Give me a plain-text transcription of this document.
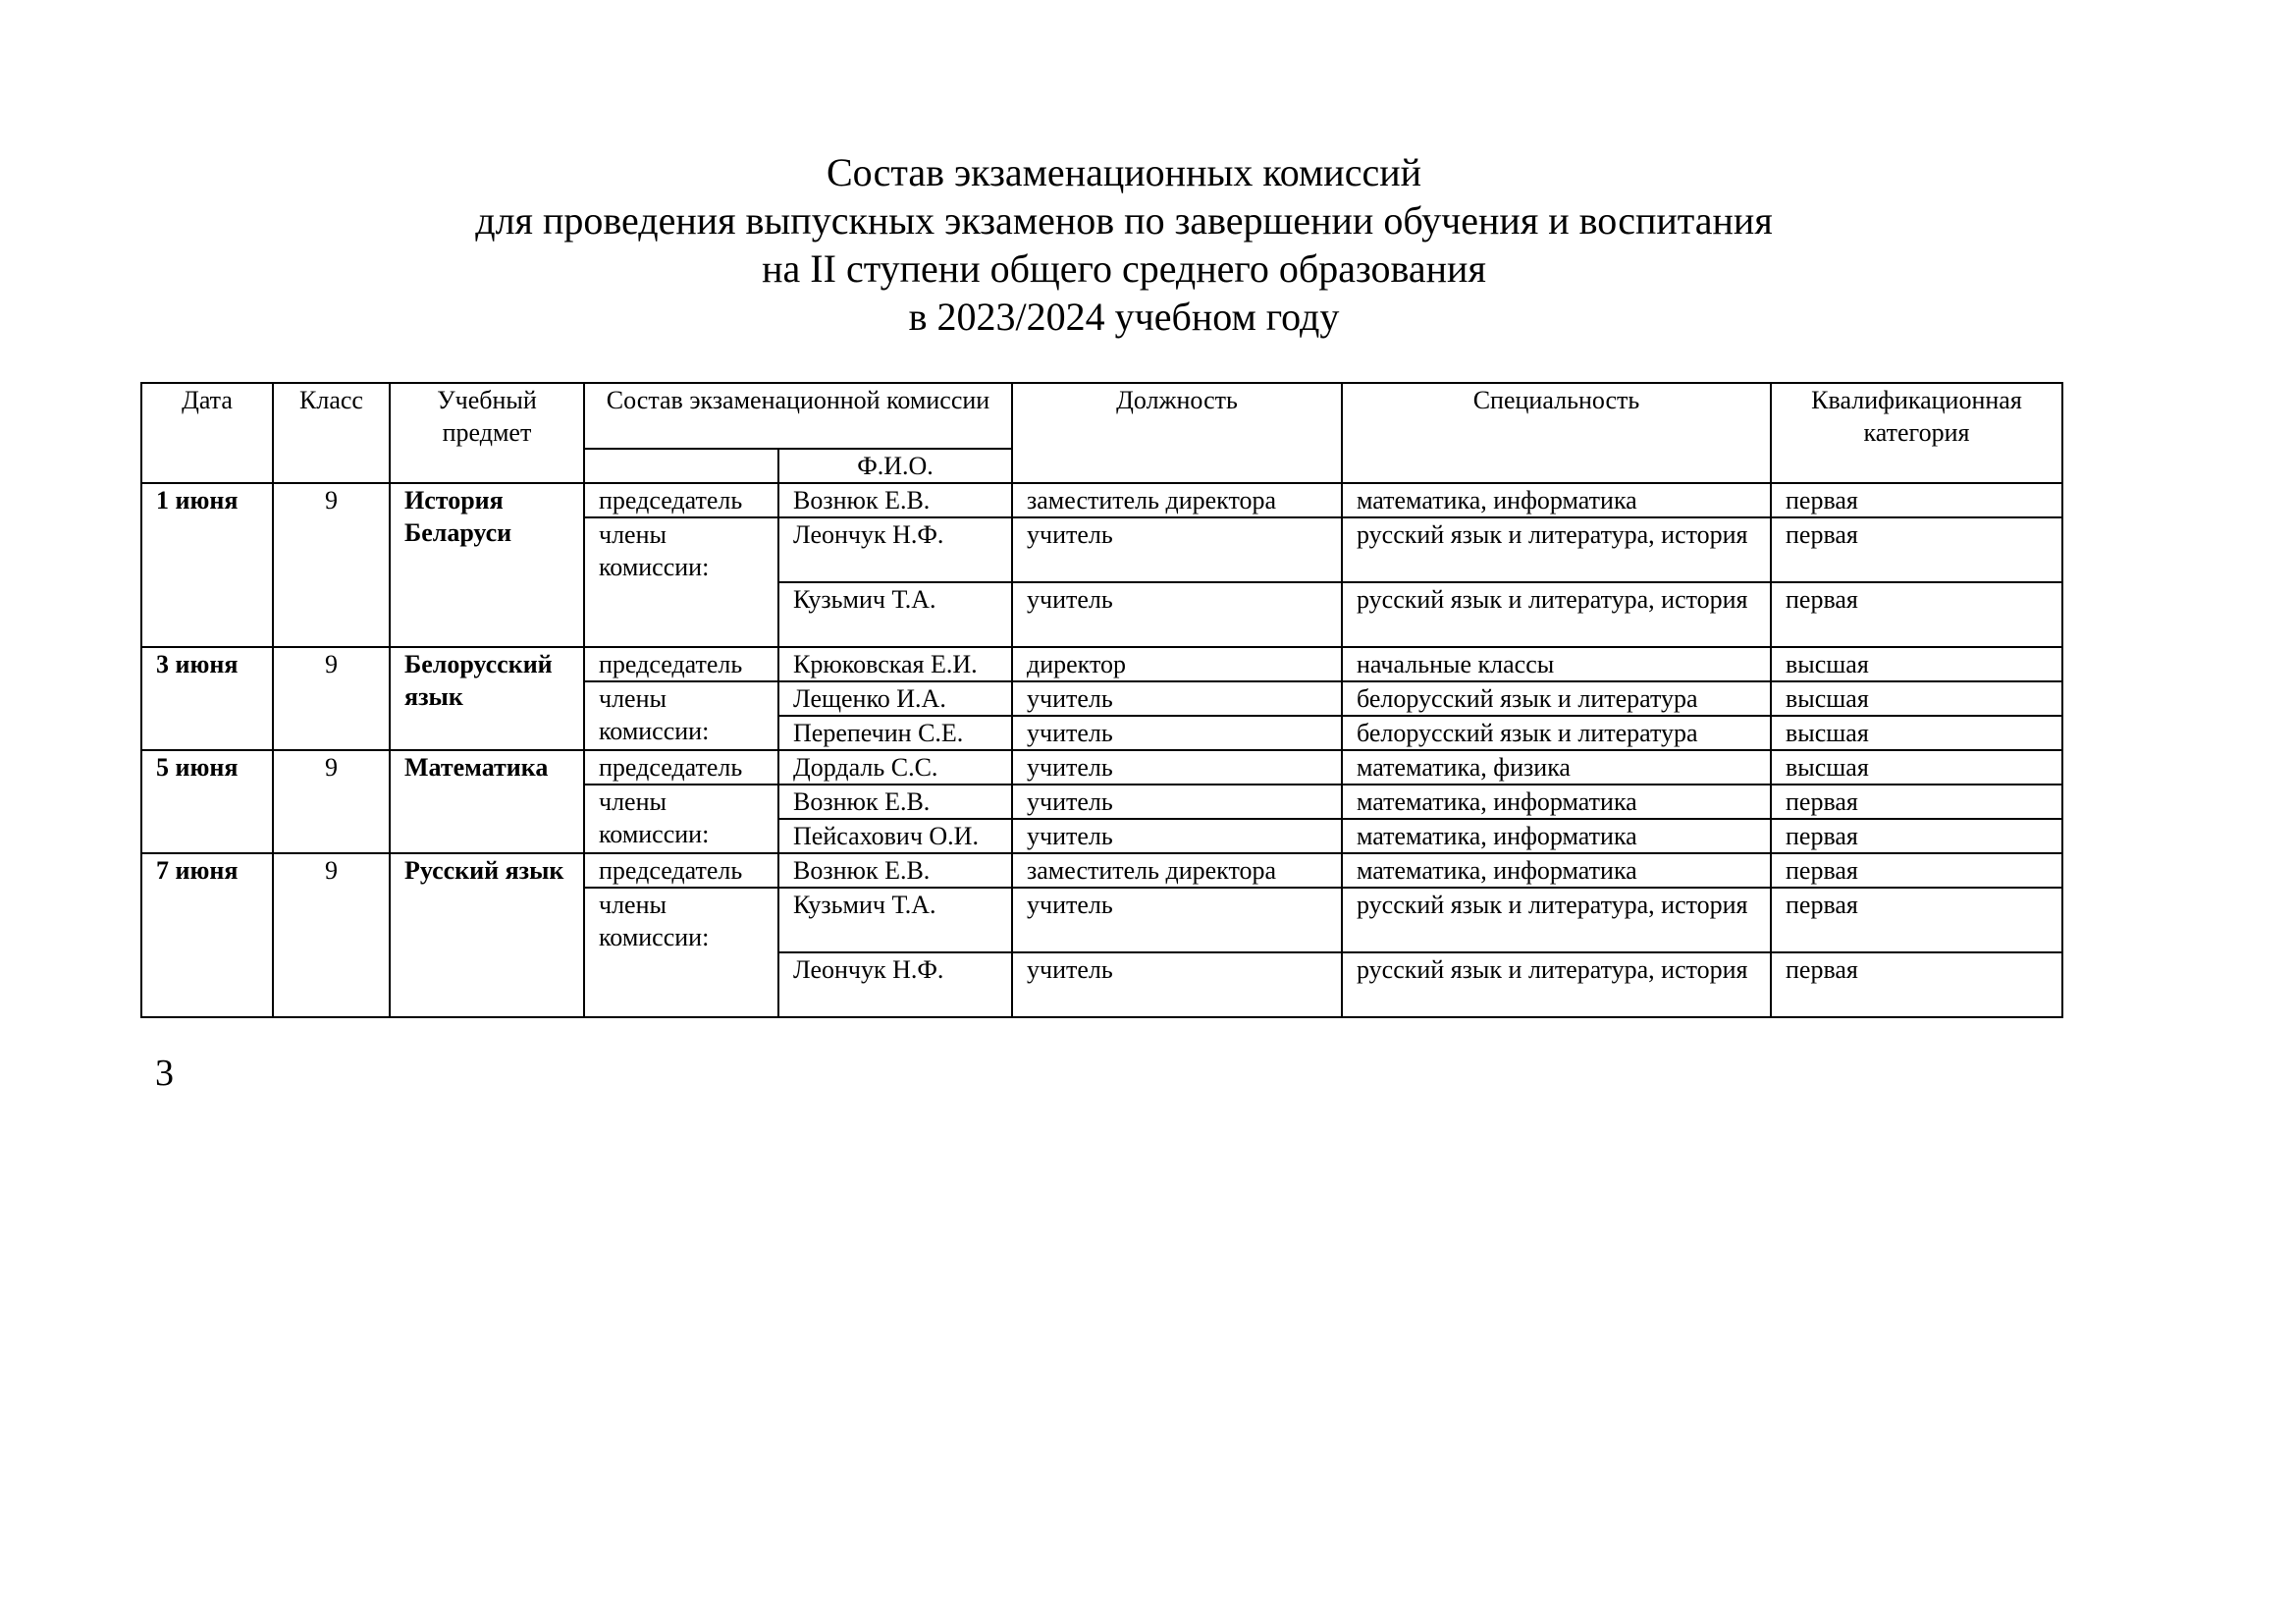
Состав экзаменационных комиссий
для проведения выпускных экзаменов по завершении обучения и воспитания
на II ступени общего среднего образования
в 2023/2024 учебном году
Дата	Класс	Учебный предмет	Состав экзаменационной комиссии		Должность	Специальность	Квалификационная категория
				Ф.И.О.			
1 июня	9	История Беларуси	председатель	Вознюк Е.В.	заместитель директора	математика, информатика	первая
			члены комиссии:	Леончук Н.Ф.	учитель	русский язык и литература, история	первая
				Кузьмич Т.А.	учитель	русский язык и литература, история	первая
3 июня	9	Белорусский язык	председатель	Крюковская Е.И.	директор	начальные классы	высшая
			члены комиссии:	Лещенко И.А.	учитель	белорусский язык и литература	высшая
				Перепечин С.Е.	учитель	белорусский язык и литература	высшая
5 июня	9	Математика	председатель	Дордаль С.С.	учитель	математика, физика	высшая
			члены комиссии:	Вознюк Е.В.	учитель	математика, информатика	первая
				Пейсахович О.И.	учитель	математика, информатика	первая
7 июня	9	Русский язык	председатель	Вознюк Е.В.	заместитель директора	математика, информатика	первая
			члены комиссии:	Кузьмич Т.А.	учитель	русский язык и литература, история	первая
				Леончук Н.Ф.	учитель	русский язык и литература, история	первая
3
